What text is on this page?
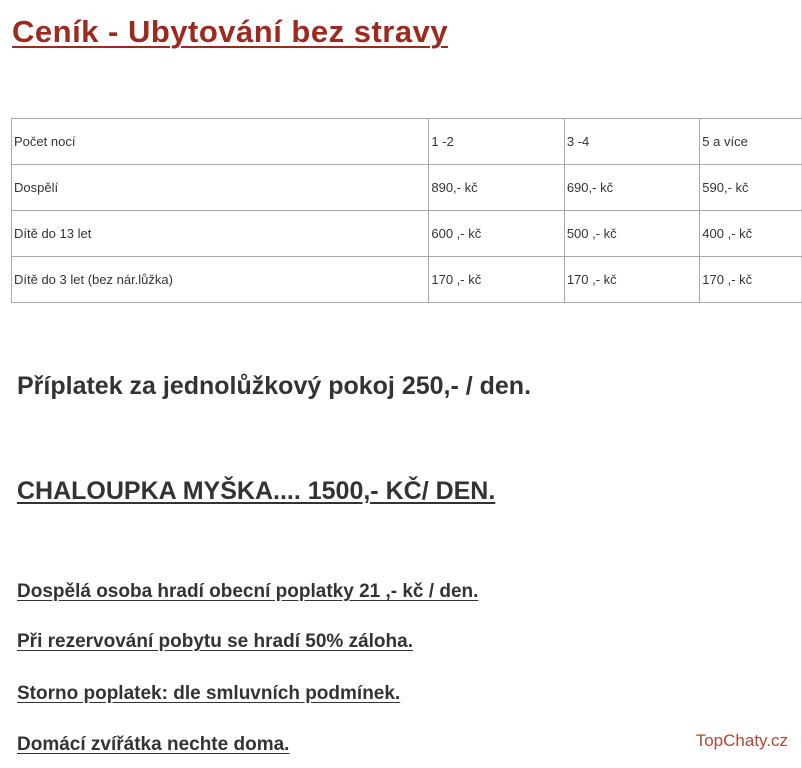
Ceník - Ubytování bez stravy
Počet nocí	1 -2	3 -4	5 a více
Dospělí	890,- kč	690,- kč	590,- kč
Dítě do 13 let	600 ,- kč	500 ,- kč	400 ,- kč
Dítě do 3 let (bez nár.lůžka)	170 ,- kč	170 ,- kč	170 ,- kč

Příplatek za jednolůžkový pokoj 250,- / den.

CHALOUPKA MYŠKA.... 1500,- KČ/ DEN.

Dospělá osoba hradí obecní poplatky 21 ,- kč / den.

Při rezervování pobytu se hradí 50% záloha.

Storno poplatek: dle smluvních podmínek.

Domácí zvířátka nechte doma.	TopChaty.cz
